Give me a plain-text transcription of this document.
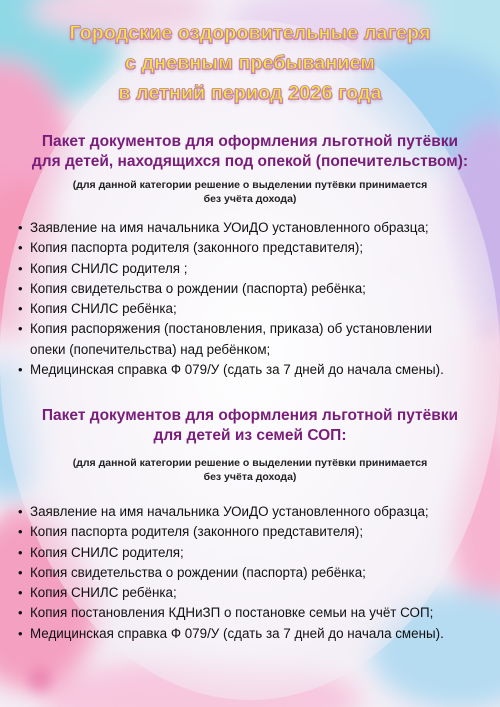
Городские оздоровительные лагеря
с дневным пребыванием
в летний период 2026 года
Пакет документов для оформления льготной путёвки
для детей, находящихся под опекой (попечительством):
(для данной категории решение о выделении путёвки принимается
без учёта дохода)
• Заявление на имя начальника УОиДО установленного образца;
• Копия паспорта родителя (законного представителя);
• Копия СНИЛС родителя ;
• Копия свидетельства о рождении (паспорта) ребёнка;
• Копия СНИЛС ребёнка;
• Копия распоряжения (постановления, приказа) об установлении
опеки (попечительства) над ребёнком;
• Медицинская справка Ф 079/У (сдать за 7 дней до начала смены).
Пакет документов для оформления льготной путёвки
для детей из семей СОП:
(для данной категории решение о выделении путёвки принимается
без учёта дохода)
• Заявление на имя начальника УОиДО установленного образца;
• Копия паспорта родителя (законного представителя);
• Копия СНИЛС родителя;
• Копия свидетельства о рождении (паспорта) ребёнка;
• Копия СНИЛС ребёнка;
• Копия постановления КДНиЗП о постановке семьи на учёт СОП;
• Медицинская справка Ф 079/У (сдать за 7 дней до начала смены).
